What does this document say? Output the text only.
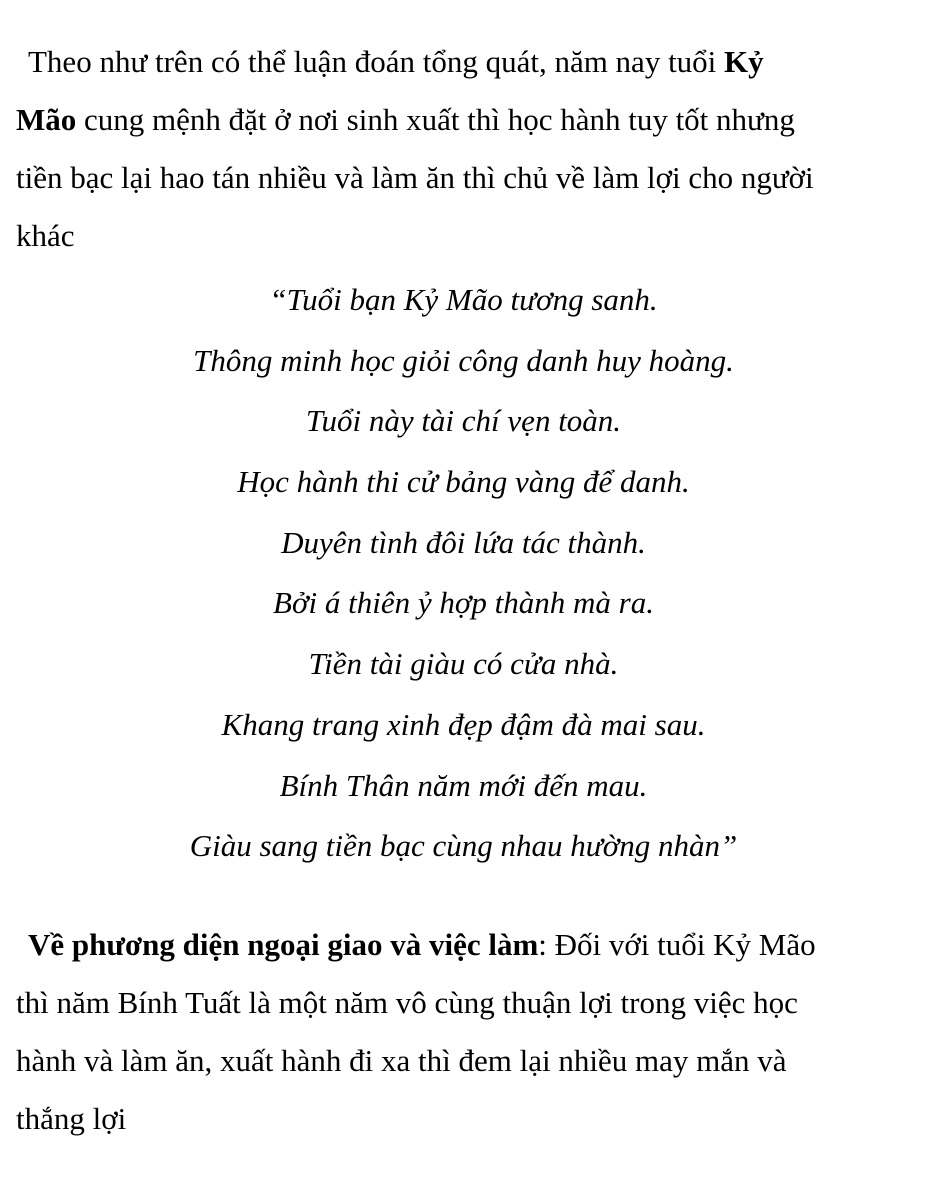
Theo như trên có thể luận đoán tổng quát, năm nay tuổi Kỷ
Mão cung mệnh đặt ở nơi sinh xuất thì học hành tuy tốt nhưng
tiền bạc lại hao tán nhiều và làm ăn thì chủ về làm lợi cho người
khác

“Tuổi bạn Kỷ Mão tương sanh.
Thông minh học giỏi công danh huy hoàng.
Tuổi này tài chí vẹn toàn.
Học hành thi cử bảng vàng để danh.
Duyên tình đôi lứa tác thành.
Bởi á thiên ỷ hợp thành mà ra.
Tiền tài giàu có cửa nhà.
Khang trang xinh đẹp đậm đà mai sau.
Bính Thân năm mới đến mau.
Giàu sang tiền bạc cùng nhau hường nhàn”

Về phương diện ngoại giao và việc làm: Đối với tuổi Kỷ Mão
thì năm Bính Tuất là một năm vô cùng thuận lợi trong việc học
hành và làm ăn, xuất hành đi xa thì đem lại nhiều may mắn và
thắng lợi
